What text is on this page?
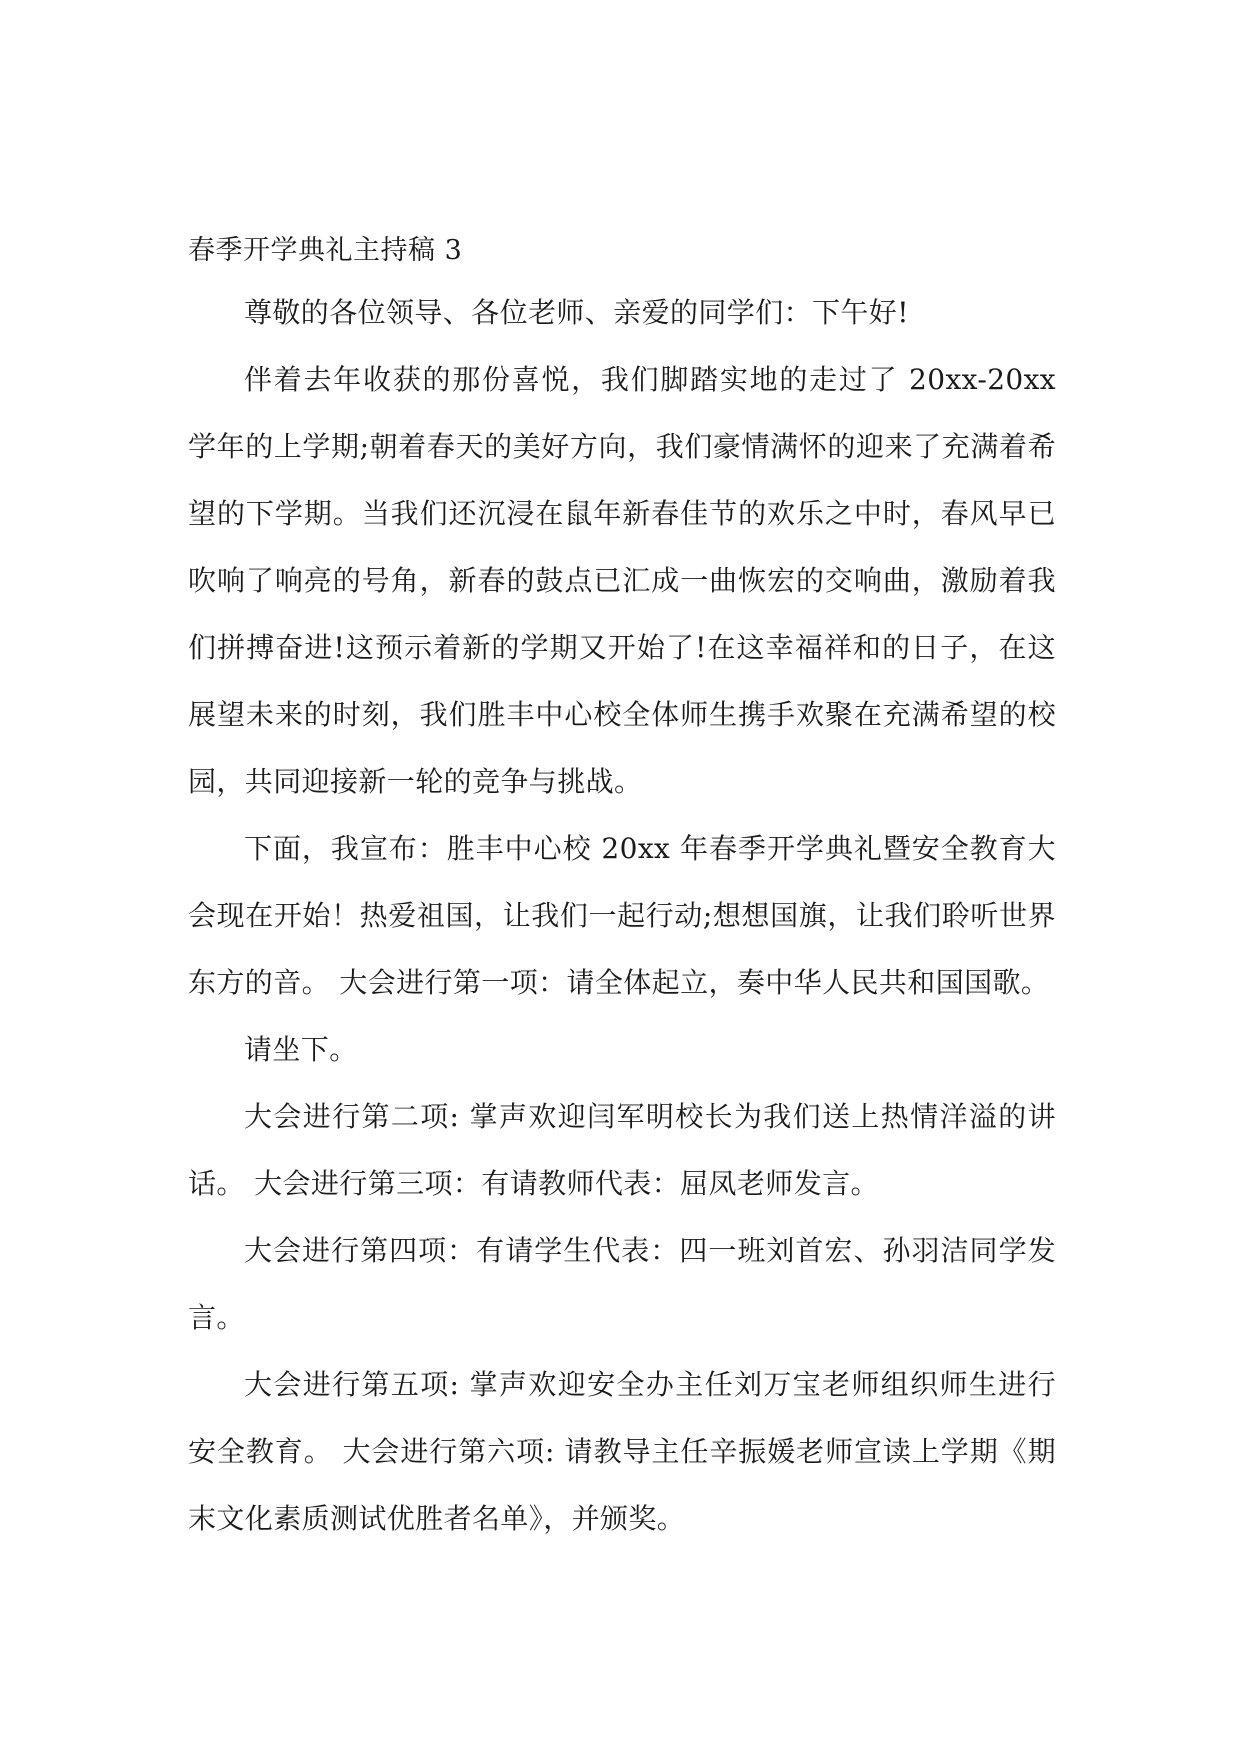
春季开学典礼主持稿 3

尊敬的各位领导、各位老师、亲爱的同学们：下午好!

伴着去年收获的那份喜悦，我们脚踏实地的走过了 20xx-20xx 学年的上学期;朝着春天的美好方向，我们豪情满怀的迎来了充满着希望的下学期。当我们还沉浸在鼠年新春佳节的欢乐之中时，春风早已吹响了响亮的号角，新春的鼓点已汇成一曲恢宏的交响曲，激励着我们拼搏奋进!这预示着新的学期又开始了!在这幸福祥和的日子，在这展望未来的时刻，我们胜丰中心校全体师生携手欢聚在充满希望的校园，共同迎接新一轮的竞争与挑战。

下面，我宣布：胜丰中心校 20xx 年春季开学典礼暨安全教育大会现在开始！热爱祖国，让我们一起行动;想想国旗，让我们聆听世界东方的音。 大会进行第一项：请全体起立，奏中华人民共和国国歌。

请坐下。

大会进行第二项: 掌声欢迎闫军明校长为我们送上热情洋溢的讲话。 大会进行第三项：有请教师代表：屈凤老师发言。

大会进行第四项：有请学生代表：四一班刘首宏、孙羽洁同学发言。

大会进行第五项: 掌声欢迎安全办主任刘万宝老师组织师生进行安全教育。 大会进行第六项: 请教导主任辛振媛老师宣读上学期《期末文化素质测试优胜者名单》，并颁奖。
